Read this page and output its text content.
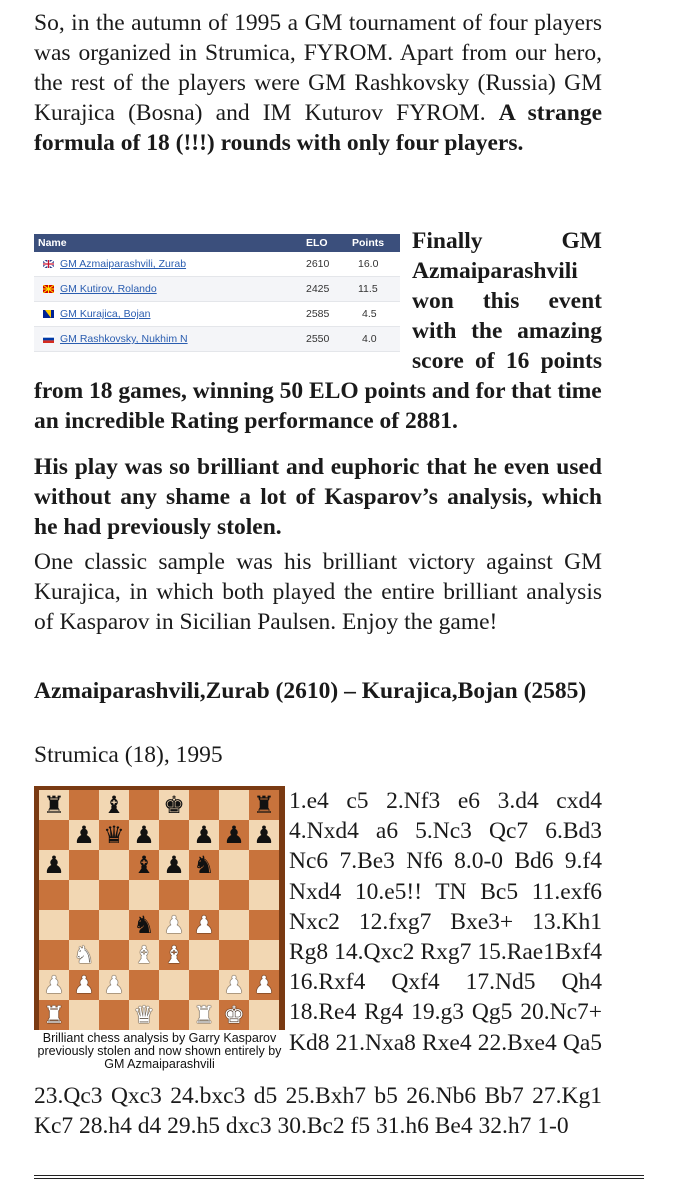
So, in the autumn of 1995 a GM tournament of four players was organized in Strumica, FYROM. Apart from our hero, the rest of the players were GM Rashkovsky (Russia) GM Kurajica (Bosna) and IM Kuturov FYROM. A strange formula of 18 (!!!) rounds with only four players.
Name	ELO Points
GM Azmaiparashvili, Zurab	2610	16.0
GM Kutirov, Rolando	2425	11.5
GM Kurajica, Bojan	2585	4.5
GM Rashkovsky, Nukhim N	2550	4.0
Finally GM Azmaiparashvili won this event with the amazing score of 16 points
from 18 games, winning 50 ELO points and for that time an incredible Rating performance of 2881.
His play was so brilliant and euphoric that he even used without any shame a lot of Kasparov’s analysis, which he had previously stolen.
One classic sample was his brilliant victory against GM Kurajica, in which both played the entire brilliant analysis of Kasparov in Sicilian Paulsen. Enjoy the game!
Azmaiparashvili,Zurab (2610) – Kurajica,Bojan (2585)
Strumica (18), 1995
♜ ♝ ♚	♜
♟ ♛ ♟ ♟ ♟ ♟
♟	♝ ♟ ♞
♞ ♟ ♟
♞ ♝ ♝
♟ ♟ ♟	♟ ♟
♜	♛ ♜ ♚
Brilliant chess analysis by Garry Kasparov previously stolen and now shown entirely by GM Azmaiparashvili
1.e4 c5 2.Nf3 e6 3.d4 cxd4 4.Nxd4 a6 5.Nc3 Qc7 6.Bd3 Nc6 7.Be3 Nf6 8.0-0 Bd6 9.f4 Nxd4 10.e5!! TN Bc5 11.exf6 Nxc2 12.fxg7 Bxe3+ 13.Kh1 Rg8 14.Qxc2 Rxg7 15.Rae1Bxf4 16.Rxf4 Qxf4 17.Nd5 Qh4 18.Re4 Rg4 19.g3 Qg5 20.Nc7+ Kd8 21.Nxa8 Rxe4 22.Bxe4 Qa5
23.Qc3 Qxc3 24.bxc3 d5 25.Bxh7 b5 26.Nb6 Bb7 27.Kg1 Kc7 28.h4 d4 29.h5 dxc3 30.Bc2 f5 31.h6 Be4 32.h7 1-0
